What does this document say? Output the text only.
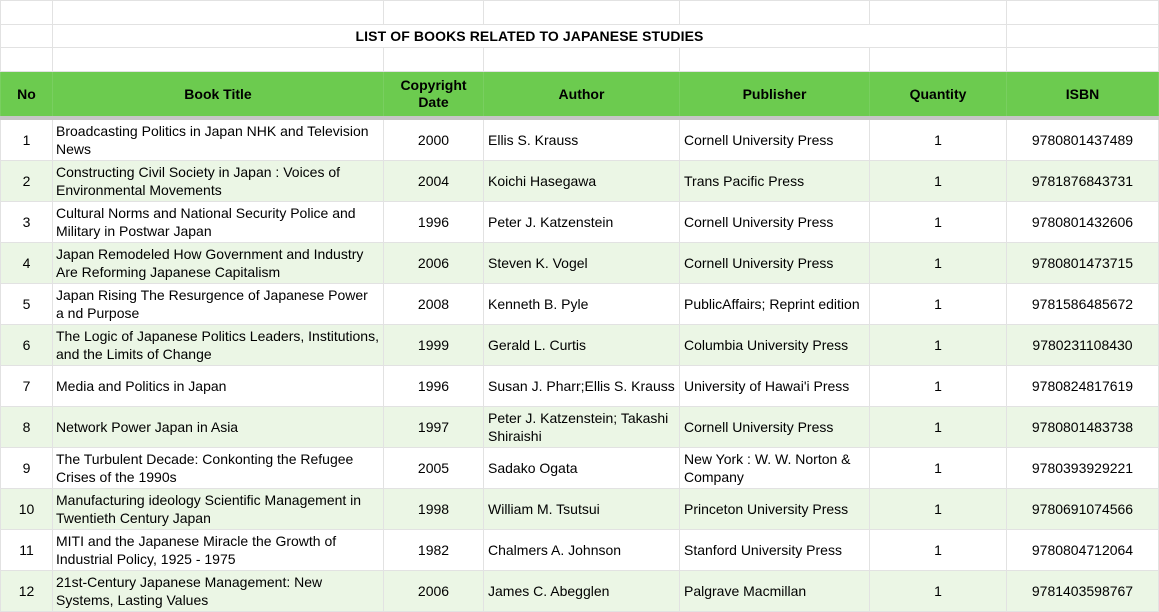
	LIST OF BOOKS RELATED TO JAPANESE STUDIES					

No	Book Title	Copyright Date	Author	Publisher	Quantity	ISBN
1	Broadcasting Politics in Japan NHK and Television News	2000	Ellis S. Krauss	Cornell University Press	1	9780801437489
2	Constructing Civil Society in Japan : Voices of Environmental Movements	2004	Koichi Hasegawa	Trans Pacific Press	1	9781876843731
3	Cultural Norms and National Security Police and Military in Postwar Japan	1996	Peter J. Katzenstein	Cornell University Press	1	9780801432606
4	Japan Remodeled How Government and Industry Are Reforming Japanese Capitalism	2006	Steven K. Vogel	Cornell University Press	1	9780801473715
5	Japan Rising The Resurgence of Japanese Power a nd Purpose	2008	Kenneth B. Pyle	PublicAffairs; Reprint edition	1	9781586485672
6	The Logic of Japanese Politics Leaders, Institutions, and the Limits of Change	1999	Gerald L. Curtis	Columbia University Press	1	9780231108430
7	Media and Politics in Japan	1996	Susan J. Pharr;Ellis S. Krauss	University of Hawai'i Press	1	9780824817619
8	Network Power Japan in Asia	1997	Peter J. Katzenstein; Takashi Shiraishi	Cornell University Press	1	9780801483738
9	The Turbulent Decade: Conkonting the Refugee Crises of the 1990s	2005	Sadako Ogata	New York : W. W. Norton & Company	1	9780393929221
10	Manufacturing ideology Scientific Management in Twentieth Century Japan	1998	William M. Tsutsui	Princeton University Press	1	9780691074566
11	MITI and the Japanese Miracle the Growth of Industrial Policy, 1925 - 1975	1982	Chalmers A. Johnson	Stanford University Press	1	9780804712064
12	21st-Century Japanese Management: New Systems, Lasting Values	2006	James C. Abegglen	Palgrave Macmillan	1	9781403598767
